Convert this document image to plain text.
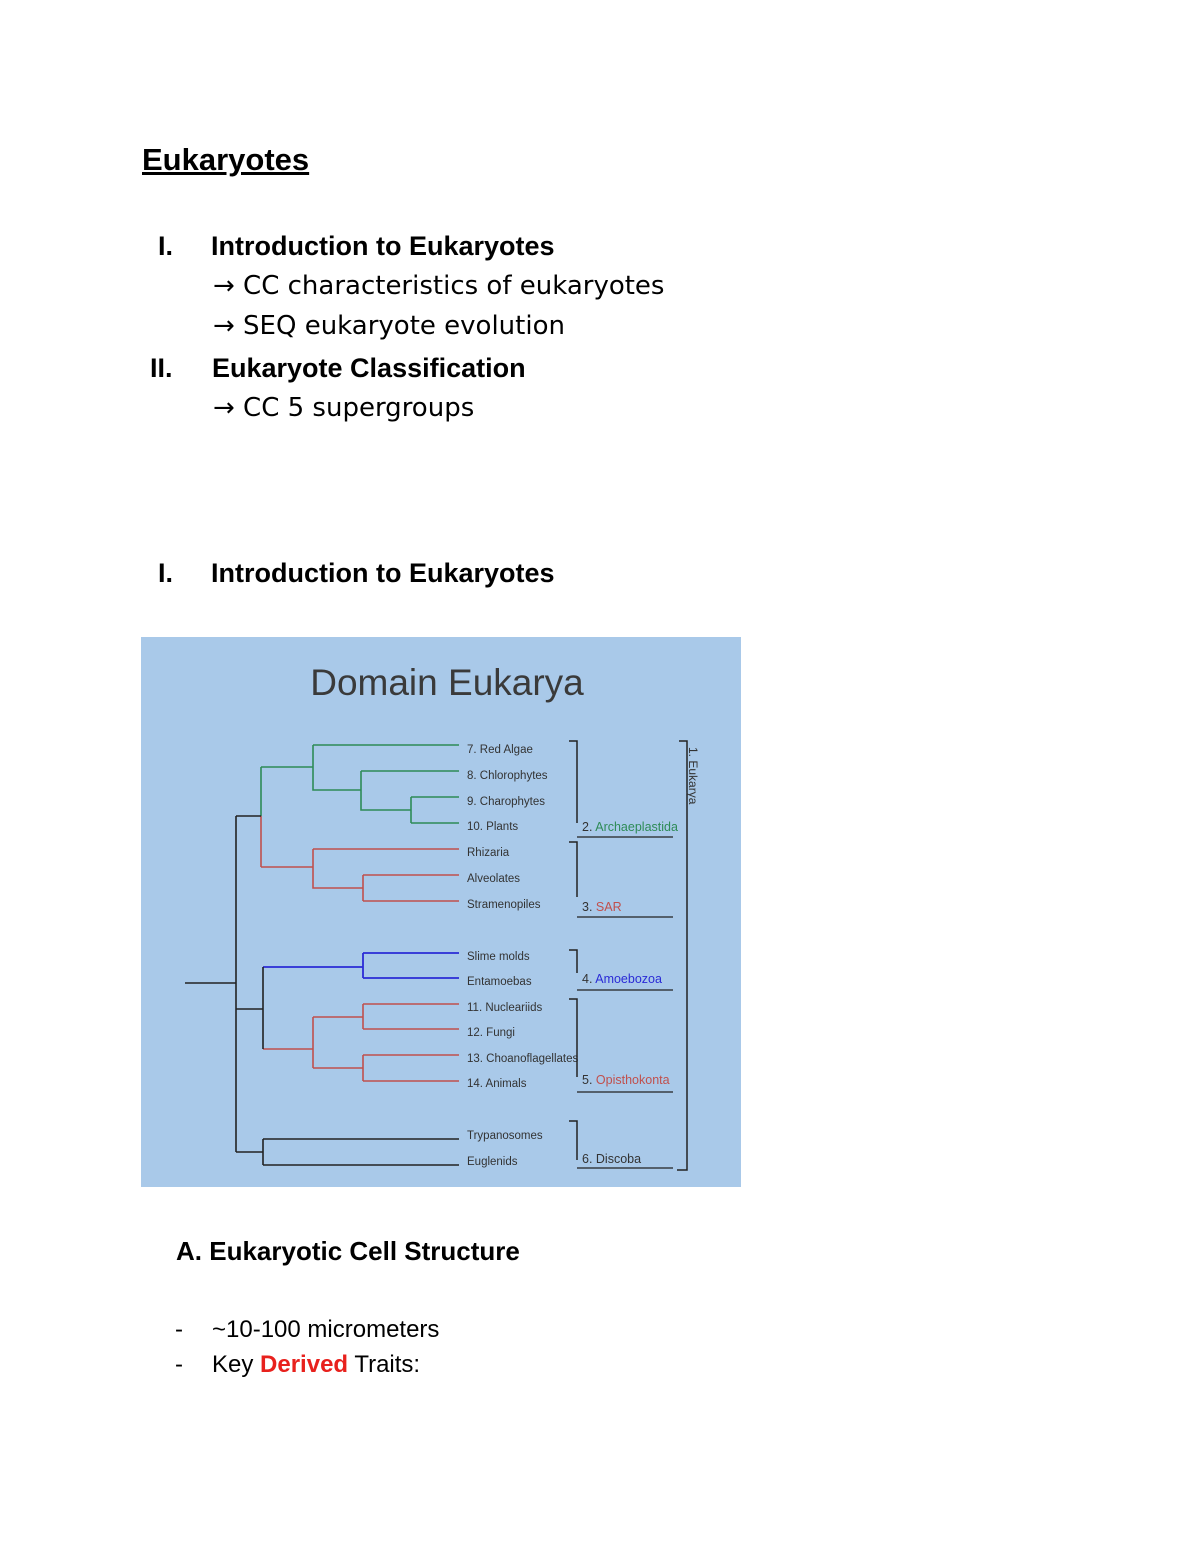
Eukaryotes
I. Introduction to Eukaryotes
→ CC characteristics of eukaryotes
→ SEQ eukaryote evolution
II. Eukaryote Classification
→ CC 5 supergroups
I. Introduction to Eukaryotes
Domain Eukarya
7. Red Algae
8. Chlorophytes
9. Charophytes
10. Plants
Rhizaria
Alveolates
Stramenopiles
Slime molds
Entamoebas
11. Nucleariids
12. Fungi
13. Choanoflagellates
14. Animals
Trypanosomes
Euglenids
2. Archaeplastida
3. SAR
4. Amoebozoa
5. Opisthokonta
6. Discoba
1. Eukarya
A. Eukaryotic Cell Structure
- ~10-100 micrometers
- Key Derived Traits:
